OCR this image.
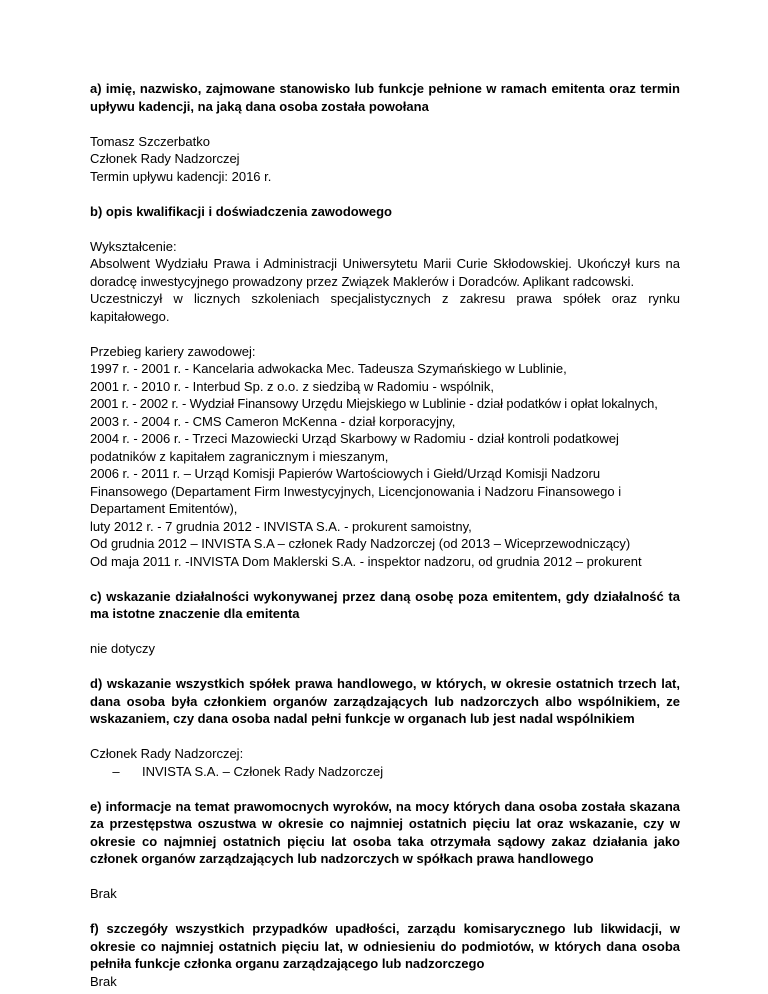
a) imię, nazwisko, zajmowane stanowisko lub funkcje pełnione w ramach emitenta oraz termin upływu kadencji, na jaką dana osoba została powołana

Tomasz Szczerbatko
Członek Rady Nadzorczej
Termin upływu kadencji: 2016 r.

b) opis kwalifikacji i doświadczenia zawodowego

Wykształcenie:

Absolwent Wydziału Prawa i Administracji Uniwersytetu Marii Curie Skłodowskiej. Ukończył kurs na doradcę inwestycyjnego prowadzony przez Związek Maklerów i Doradców. Aplikant radcowski.

Uczestniczył w licznych szkoleniach specjalistycznych z zakresu prawa spółek oraz rynku kapitałowego.

Przebieg kariery zawodowej:

1997 r. - 2001 r. - Kancelaria adwokacka Mec. Tadeusza Szymańskiego w Lublinie,

2001 r. - 2010 r. - Interbud Sp. z o.o. z siedzibą w Radomiu - wspólnik,

2001 r. - 2002 r. - Wydział Finansowy Urzędu Miejskiego w Lublinie - dział podatków i opłat lokalnych,

2003 r. - 2004 r. - CMS Cameron McKenna - dział korporacyjny,

2004 r. - 2006 r. - Trzeci Mazowiecki Urząd Skarbowy w Radomiu - dział kontroli podatkowej podatników z kapitałem zagranicznym i mieszanym,

2006 r. - 2011 r. – Urząd Komisji Papierów Wartościowych i Giełd/Urząd Komisji Nadzoru Finansowego (Departament Firm Inwestycyjnych, Licencjonowania i Nadzoru Finansowego i Departament Emitentów),

luty 2012 r. - 7 grudnia 2012 - INVISTA S.A. - prokurent samoistny,

Od grudnia 2012 – INVISTA S.A – członek Rady Nadzorczej (od 2013 – Wiceprzewodniczący)

Od maja 2011 r. -INVISTA Dom Maklerski S.A. - inspektor nadzoru, od grudnia 2012 – prokurent

c) wskazanie działalności wykonywanej przez daną osobę poza emitentem, gdy działalność ta ma istotne znaczenie dla emitenta

nie dotyczy

d) wskazanie wszystkich spółek prawa handlowego, w których, w okresie ostatnich trzech lat, dana osoba była członkiem organów zarządzających lub nadzorczych albo wspólnikiem, ze wskazaniem, czy dana osoba nadal pełni funkcje w organach lub jest nadal wspólnikiem

Członek Rady Nadzorczej:
–	INVISTA S.A. – Członek Rady Nadzorczej

e) informacje na temat prawomocnych wyroków, na mocy których dana osoba została skazana za przestępstwa oszustwa w okresie co najmniej ostatnich pięciu lat oraz wskazanie, czy w okresie co najmniej ostatnich pięciu lat osoba taka otrzymała sądowy zakaz działania jako członek organów zarządzających lub nadzorczych w spółkach prawa handlowego

Brak

f) szczegóły wszystkich przypadków upadłości, zarządu komisarycznego lub likwidacji, w okresie co najmniej ostatnich pięciu lat, w odniesieniu do podmiotów, w których dana osoba pełniła funkcje członka organu zarządzającego lub nadzorczego

Brak
